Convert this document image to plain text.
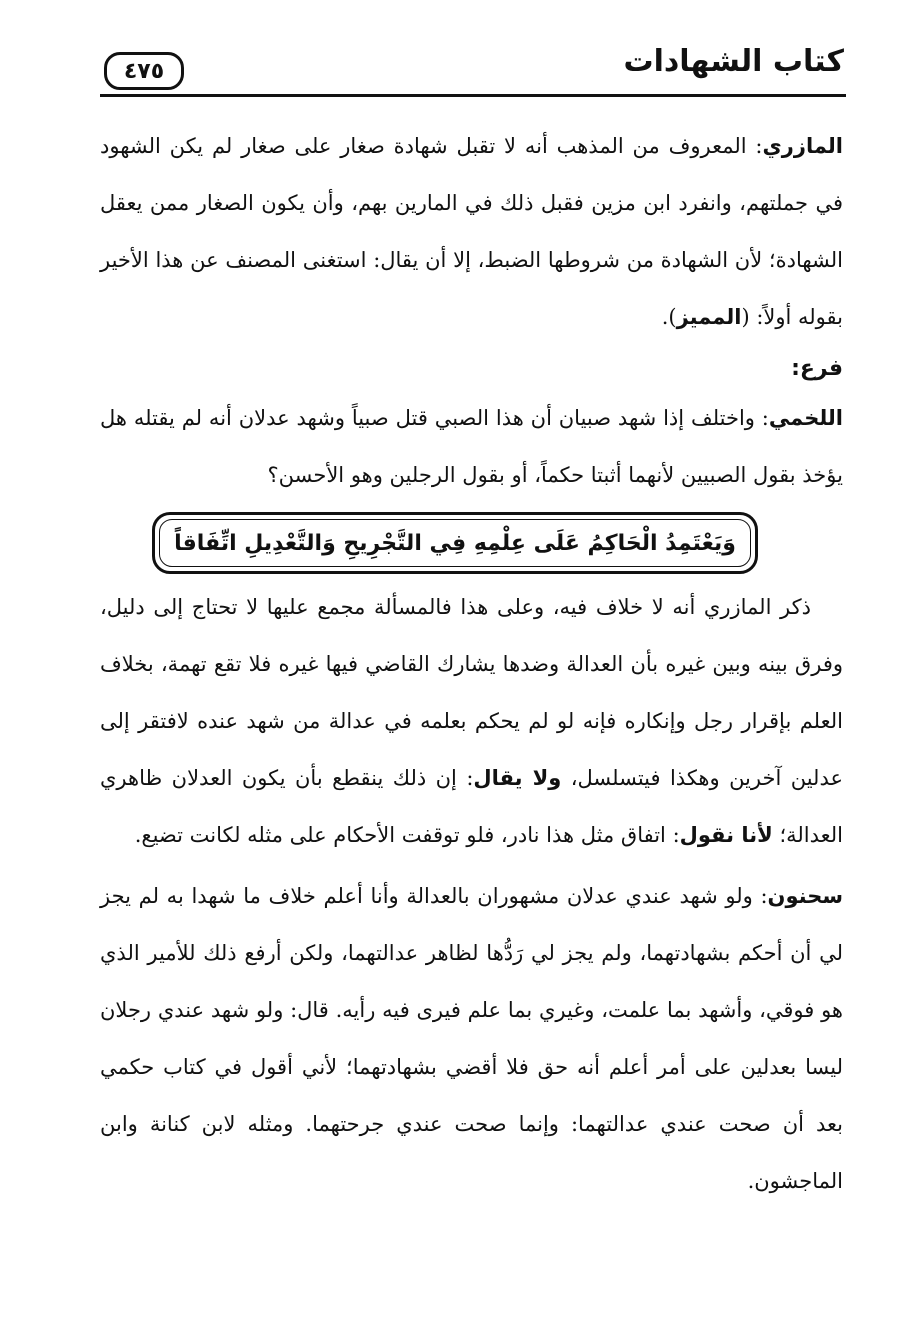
٤٧٥	كتاب الشهادات

المازري: المعروف من المذهب أنه لا تقبل شهادة صغار على صغار لم يكن الشهود في جملتهم، وانفرد ابن مزين فقبل ذلك في المارين بهم، وأن يكون الصغار ممن يعقل الشهادة؛ لأن الشهادة من شروطها الضبط، إلا أن يقال: استغنى المصنف عن هذا الأخير بقوله أولاً: (المميز).

فرع:

اللخمي: واختلف إذا شهد صبيان أن هذا الصبي قتل صبياً وشهد عدلان أنه لم يقتله هل يؤخذ بقول الصبيين لأنهما أثبتا حكماً، أو بقول الرجلين وهو الأحسن؟

وَيَعْتَمِدُ الْحَاكِمُ عَلَى عِلْمِهِ فِي التَّجْرِيحِ وَالتَّعْدِيلِ اتِّفَاقاً

ذكر المازري أنه لا خلاف فيه، وعلى هذا فالمسألة مجمع عليها لا تحتاج إلى دليل، وفرق بينه وبين غيره بأن العدالة وضدها يشارك القاضي فيها غيره فلا تقع تهمة، بخلاف العلم بإقرار رجل وإنكاره فإنه لو لم يحكم بعلمه في عدالة من شهد عنده لافتقر إلى عدلين آخرين وهكذا فيتسلسل، ولا يقال: إن ذلك ينقطع بأن يكون العدلان ظاهري العدالة؛ لأنا نقول: اتفاق مثل هذا نادر، فلو توقفت الأحكام على مثله لكانت تضيع.

سحنون: ولو شهد عندي عدلان مشهوران بالعدالة وأنا أعلم خلاف ما شهدا به لم يجز لي أن أحكم بشهادتهما، ولم يجز لي رَدُّها لظاهر عدالتهما، ولكن أرفع ذلك للأمير الذي هو فوقي، وأشهد بما علمت، وغيري بما علم فيرى فيه رأيه. قال: ولو شهد عندي رجلان ليسا بعدلين على أمر أعلم أنه حق فلا أقضي بشهادتهما؛ لأني أقول في كتاب حكمي بعد أن صحت عندي عدالتهما: وإنما صحت عندي جرحتهما. ومثله لابن كنانة وابن الماجشون.
